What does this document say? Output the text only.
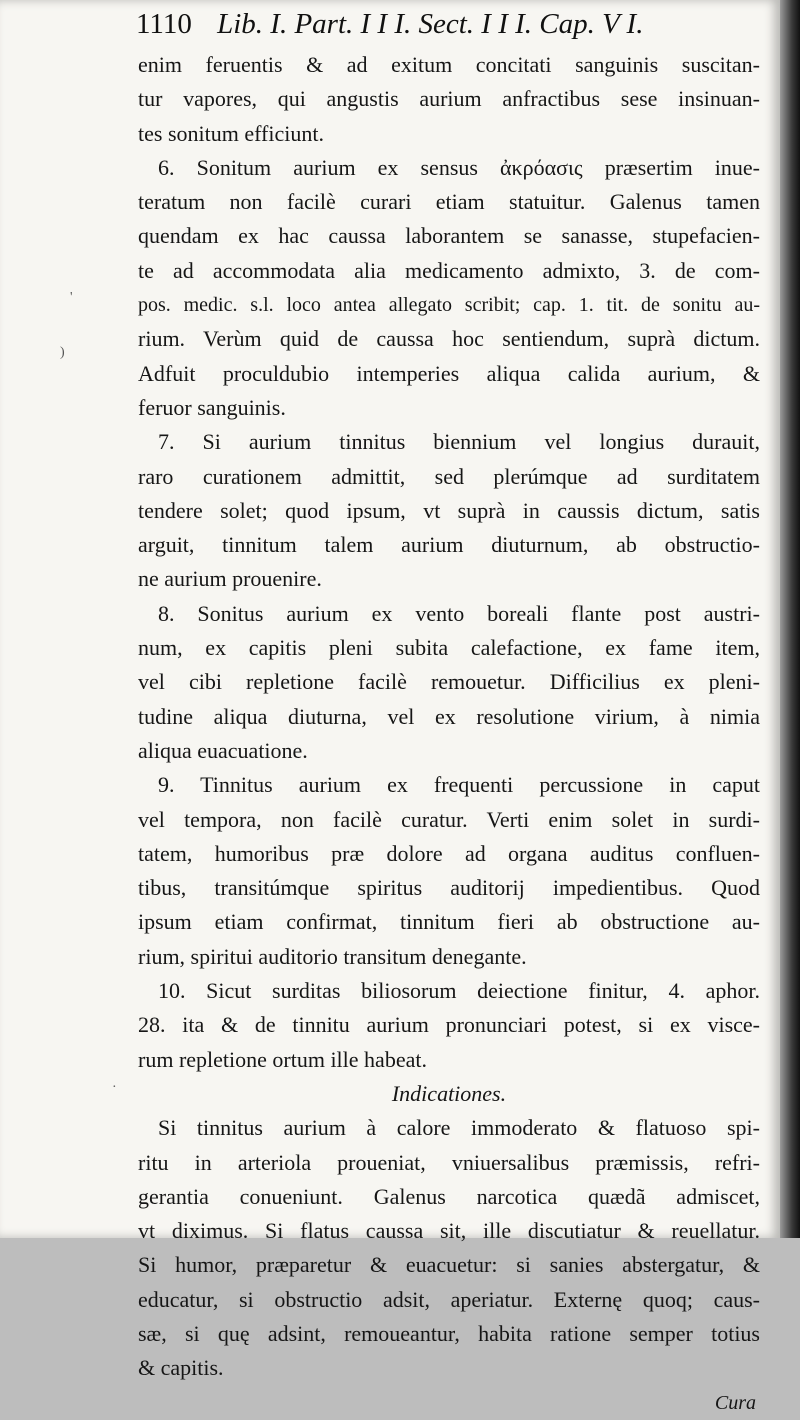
1110 Lib. I. Part. I I I. Sect. I I I. Cap. V I.
enim feruentis & ad exitum concitati sanguinis suscitan-
tur vapores, qui angustis aurium anfractibus sese insinuan-
tes sonitum efficiunt.
6. Sonitum aurium ex sensus ἀκρόασις præsertim inue-
teratum non facilè curari etiam statuitur. Galenus tamen
quendam ex hac caussa laborantem se sanasse, stupefacien-
te ad accommodata alia medicamento admixto, 3. de com-
pos. medic. s.l. loco antea allegato scribit; cap. 1. tit. de sonitu au-
rium. Verùm quid de caussa hoc sentiendum, suprà dictum.
Adfuit proculdubio intemperies aliqua calida aurium, &
feruor sanguinis.
7. Si aurium tinnitus biennium vel longius durauit,
raro curationem admittit, sed plerúmque ad surditatem
tendere solet; quod ipsum, vt suprà in caussis dictum, satis
arguit, tinnitum talem aurium diuturnum, ab obstructio-
ne aurium prouenire.
8. Sonitus aurium ex vento boreali flante post austri-
num, ex capitis pleni subita calefactione, ex fame item,
vel cibi repletione facilè remouetur. Difficilius ex pleni-
tudine aliqua diuturna, vel ex resolutione virium, à nimia
aliqua euacuatione.
9. Tinnitus aurium ex frequenti percussione in caput
vel tempora, non facilè curatur. Verti enim solet in surdi-
tatem, humoribus præ dolore ad organa auditus confluen-
tibus, transitúmque spiritus auditorij impedientibus. Quod
ipsum etiam confirmat, tinnitum fieri ab obstructione au-
rium, spiritui auditorio transitum denegante.
10. Sicut surditas biliosorum deiectione finitur, 4. aphor.
28. ita & de tinnitu aurium pronunciari potest, si ex visce-
rum repletione ortum ille habeat.
Indicationes.
Si tinnitus aurium à calore immoderato & flatuoso spi-
ritu in arteriola proueniat, vniuersalibus præmissis, refri-
gerantia conueniunt. Galenus narcotica quædã admiscet,
vt diximus. Si flatus caussa sit, ille discutiatur & reuellatur.
Si humor, præparetur & euacuetur: si sanies abstergatur, &
educatur, si obstructio adsit, aperiatur. Externę quoq; caus-
sæ, si quę adsint, remoueantur, habita ratione semper totius
& capitis.
Cura
'
)
·
